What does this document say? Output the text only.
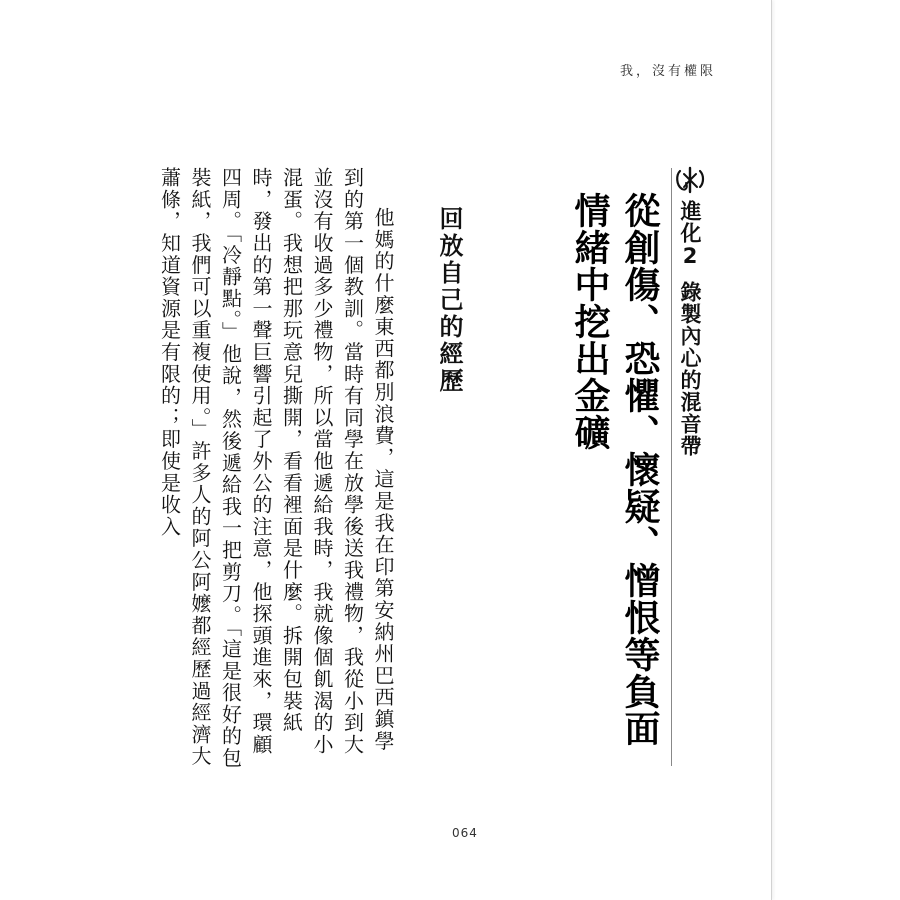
我，沒有權限
進化2錄製內心的混音帶
從創傷、恐懼、懷疑、憎恨等負面情緒中挖出金礦
回放自己的經歷

他媽的什麼東西都別浪費，這是我在印第安納州巴西鎮學到的第一個教訓。當時有同學在放學後送我禮物，我從小到大並沒有收過多少禮物，所以當他遞給我時，我就像個飢渴的小混蛋。我想把那玩意兒撕開，看看裡面是什麼。拆開包裝紙時，發出的第一聲巨響引起了外公的注意，他探頭進來，環顧四周。「冷靜點。」他說，然後遞給我一把剪刀。「這是很好的包裝紙，我們可以重複使用。」許多人的阿公阿嬤都經歷過經濟大蕭條，知道資源是有限的；即使是收入

064
